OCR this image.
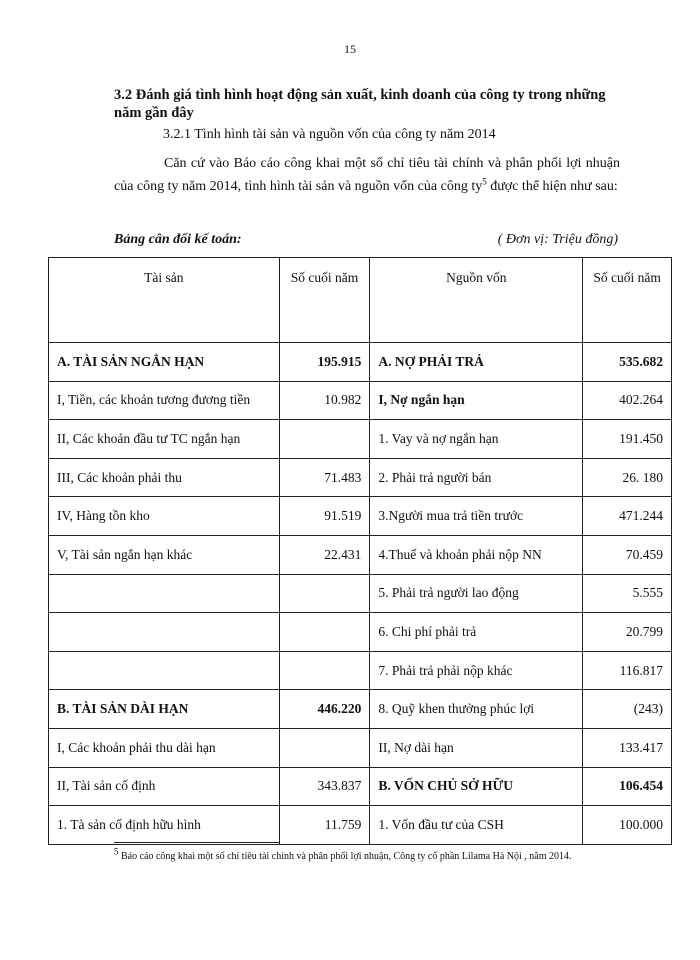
15
3.2 Đánh giá tình hình hoạt động sản xuất, kinh doanh của công ty trong những năm gần đây
3.2.1 Tình hình tài sản và nguồn vốn của công ty năm 2014
Căn cứ vào Báo cáo công khai một số chỉ tiêu tài chính và phân phối lợi nhuận của công ty năm 2014, tình hình tài sản và nguồn vốn của công ty$^5$ được thể hiện như sau:
Bảng cân đối kế toán:	( Đơn vị: Triệu đồng)
Tài sản	Số cuối năm	Nguồn vốn	Số cuối năm
A. TÀI SẢN NGẮN HẠN	195.915	A. NỢ PHẢI TRẢ	535.682
I, Tiền, các khoản tương đương tiền	10.982	I, Nợ ngắn hạn	402.264
II, Các khoản đầu tư TC ngắn hạn		1. Vay và nợ ngắn hạn	191.450
III, Các khoản phải thu	71.483	2. Phải trả người bán	26. 180
IV, Hàng tồn kho	91.519	3.Người mua trả tiền trước	471.244
V, Tài sản ngắn hạn khác	22.431	4.Thuế và khoản phải nộp NN	70.459
		5. Phải trả người lao động	5.555
		6. Chi phí phải trả	20.799
		7. Phải trả phải nộp khác	116.817
B. TÀI SẢN DÀI HẠN	446.220	8. Quỹ khen thưởng phúc lợi	(243)
I, Các khoản phải thu dài hạn		II, Nợ dài hạn	133.417
II, Tài sản cố định	343.837	B. VỐN CHỦ SỞ HỮU	106.454
1. Tà sản cố định hữu hình	11.759	1. Vốn đầu tư của CSH	100.000
5 Báo cáo công khai một số chỉ tiêu tài chính và phân phối lợi nhuận, Công ty cổ phần Lilama Hà Nội , năm 2014.
